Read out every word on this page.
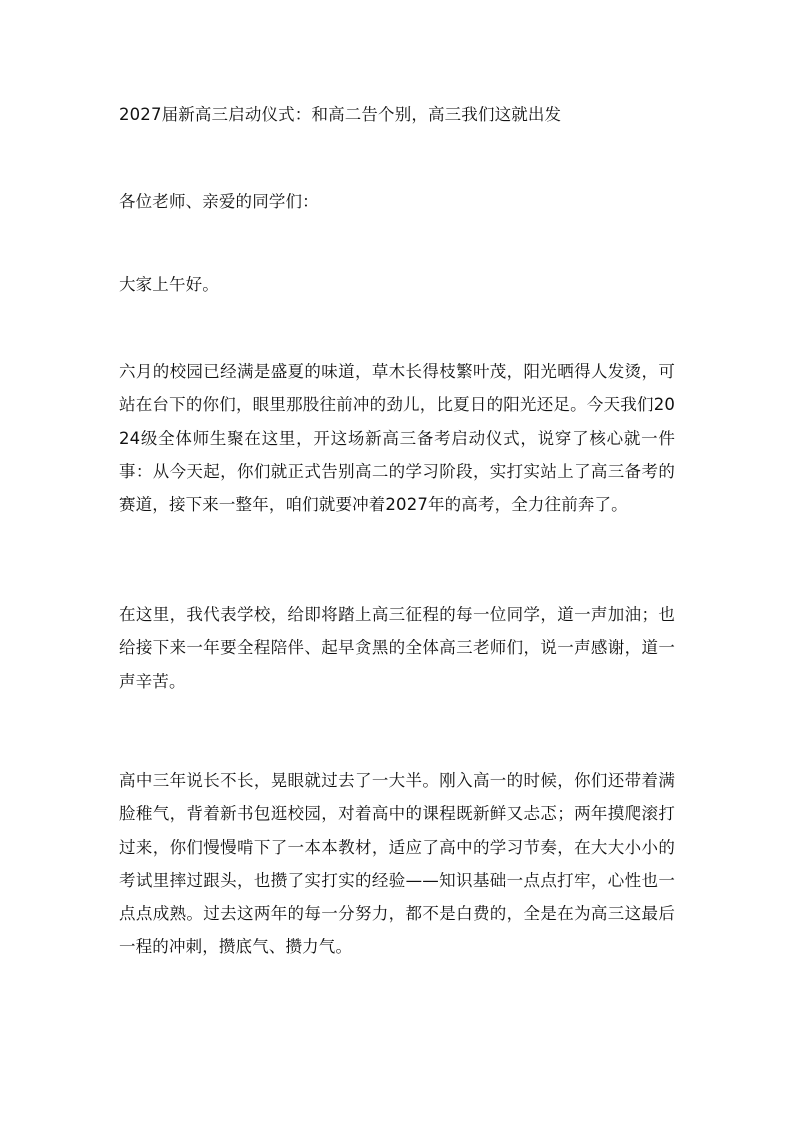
2027届新高三启动仪式：和高二告个别，高三我们这就出发

各位老师、亲爱的同学们：

大家上午好。

六月的校园已经满是盛夏的味道，草木长得枝繁叶茂，阳光晒得人发烫，可站在台下的你们，眼里那股往前冲的劲儿，比夏日的阳光还足。今天我们2024级全体师生聚在这里，开这场新高三备考启动仪式，说穿了核心就一件事：从今天起，你们就正式告别高二的学习阶段，实打实站上了高三备考的赛道，接下来一整年，咱们就要冲着2027年的高考，全力往前奔了。

在这里，我代表学校，给即将踏上高三征程的每一位同学，道一声加油；也给接下来一年要全程陪伴、起早贪黑的全体高三老师们，说一声感谢，道一声辛苦。

高中三年说长不长，晃眼就过去了一大半。刚入高一的时候，你们还带着满脸稚气，背着新书包逛校园，对着高中的课程既新鲜又忐忑；两年摸爬滚打过来，你们慢慢啃下了一本本教材，适应了高中的学习节奏，在大大小小的考试里摔过跟头，也攒了实打实的经验——知识基础一点点打牢，心性也一点点成熟。过去这两年的每一分努力，都不是白费的，全是在为高三这最后一程的冲刺，攒底气、攒力气。
